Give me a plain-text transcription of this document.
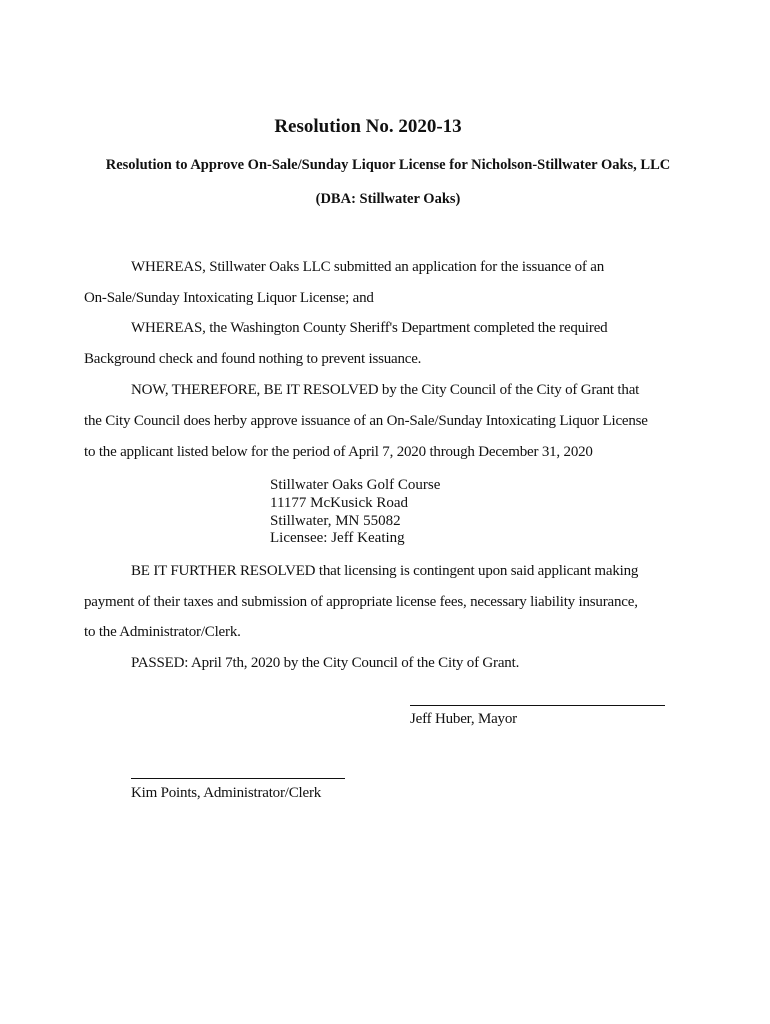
Resolution No. 2020-13
Resolution to Approve On-Sale/Sunday Liquor License for Nicholson-Stillwater Oaks, LLC
(DBA: Stillwater Oaks)
WHEREAS, Stillwater Oaks LLC submitted an application for the issuance of an
On-Sale/Sunday Intoxicating Liquor License; and
WHEREAS, the Washington County Sheriff's Department completed the required
Background check and found nothing to prevent issuance.
NOW, THEREFORE, BE IT RESOLVED by the City Council of the City of Grant that
the City Council does herby approve issuance of an On-Sale/Sunday Intoxicating Liquor License
to the applicant listed below for the period of April 7, 2020 through December 31, 2020
Stillwater Oaks Golf Course
11177 McKusick Road
Stillwater, MN 55082
Licensee: Jeff Keating
BE IT FURTHER RESOLVED that licensing is contingent upon said applicant making
payment of their taxes and submission of appropriate license fees, necessary liability insurance,
to the Administrator/Clerk.
PASSED: April 7th, 2020 by the City Council of the City of Grant.
Jeff Huber, Mayor
Kim Points, Administrator/Clerk
